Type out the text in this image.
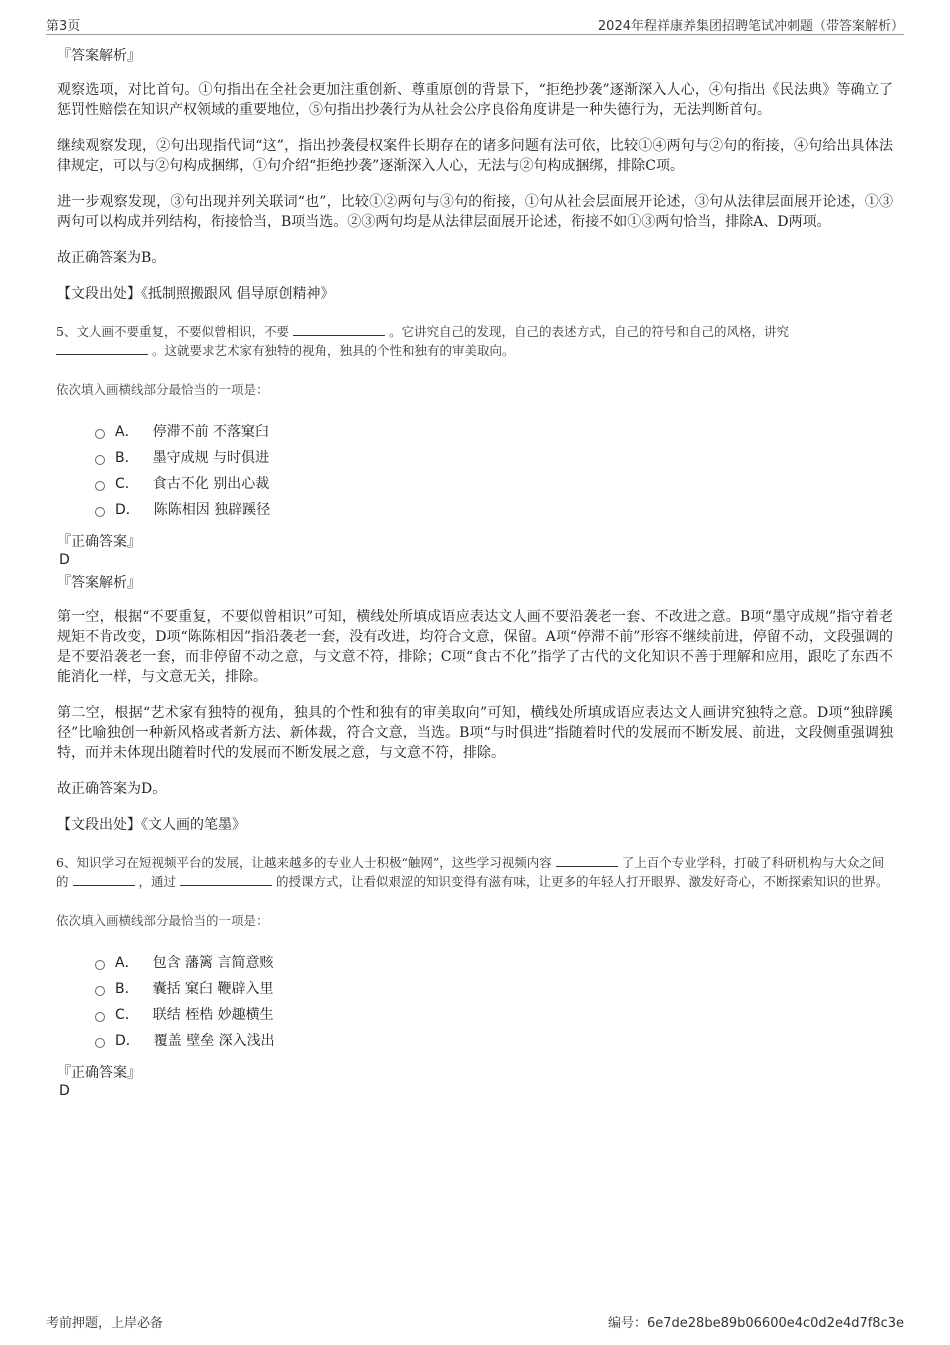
第3页	2024年程祥康养集团招聘笔试冲刺题（带答案解析）

『答案解析』

观察选项，对比首句。①句指出在全社会更加注重创新、尊重原创的背景下，“拒绝抄袭”逐渐深入人心，④句指出《民法典》等确立了惩罚性赔偿在知识产权领域的重要地位，⑤句指出抄袭行为从社会公序良俗角度讲是一种失德行为，无法判断首句。

继续观察发现，②句出现指代词“这”，指出抄袭侵权案件长期存在的诸多问题有法可依，比较①④两句与②句的衔接，④句给出具体法律规定，可以与②句构成捆绑，①句介绍“拒绝抄袭”逐渐深入人心，无法与②句构成捆绑，排除C项。

进一步观察发现，③句出现并列关联词“也”，比较①②两句与③句的衔接，①句从社会层面展开论述，③句从法律层面展开论述，①③两句可以构成并列结构，衔接恰当，B项当选。②③两句均是从法律层面展开论述，衔接不如①③两句恰当，排除A、D两项。

故正确答案为B。

【文段出处】《抵制照搬跟风 倡导原创精神》

5、文人画不要重复，不要似曾相识，不要	。它讲究自己的发现，自己的表述方式，自己的符号和自己的风格，讲究
。这就要求艺术家有独特的视角，独具的个性和独有的审美取向。

依次填入画横线部分最恰当的一项是：

A． 停滞不前 不落窠臼
B． 墨守成规 与时俱进
C． 食古不化 别出心裁
D． 陈陈相因 独辟蹊径

『正确答案』

D

『答案解析』

第一空，根据“不要重复，不要似曾相识”可知，横线处所填成语应表达文人画不要沿袭老一套、不改进之意。B项“墨守成规”指守着老规矩不肯改变，D项“陈陈相因”指沿袭老一套，没有改进，均符合文意，保留。A项“停滞不前”形容不继续前进，停留不动，文段强调的是不要沿袭老一套，而非停留不动之意，与文意不符，排除；C项“食古不化”指学了古代的文化知识不善于理解和应用，跟吃了东西不能消化一样，与文意无关，排除。

第二空，根据“艺术家有独特的视角，独具的个性和独有的审美取向”可知，横线处所填成语应表达文人画讲究独特之意。D项“独辟蹊径”比喻独创一种新风格或者新方法、新体裁，符合文意，当选。B项“与时俱进”指随着时代的发展而不断发展、前进，文段侧重强调独特，而并未体现出随着时代的发展而不断发展之意，与文意不符，排除。

故正确答案为D。

【文段出处】《文人画的笔墨》

6、知识学习在短视频平台的发展，让越来越多的专业人士积极“触网”，这些学习视频内容	了上百个专业学科，打破了科研机构与大众之间的	，通过	的授课方式，让看似艰涩的知识变得有滋有味，让更多的年轻人打开眼界、激发好奇心，不断探索知识的世界。

依次填入画横线部分最恰当的一项是：

A． 包含 藩篱 言简意赅
B． 囊括 窠臼 鞭辟入里
C． 联结 桎梏 妙趣横生
D． 覆盖 壁垒 深入浅出

『正确答案』

D

考前押题，上岸必备	编号：6e7de28be89b06600e4c0d2e4d7f8c3e
